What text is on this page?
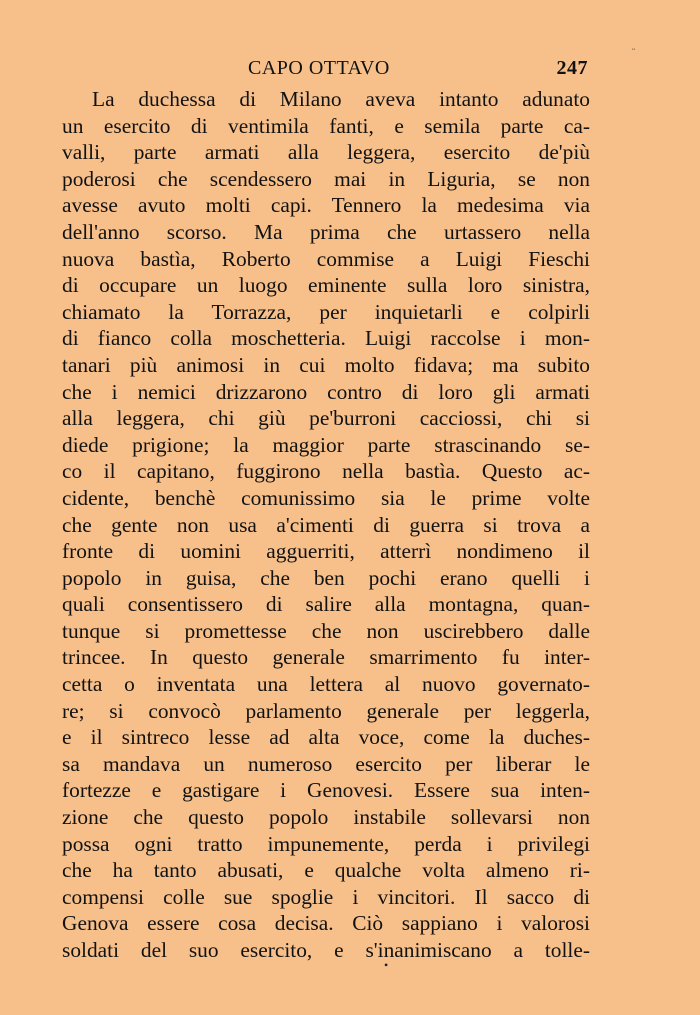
ᵕ
CAPO OTTAVO	247
La duchessa di Milano aveva intanto adunato
un esercito di ventimila fanti, e semila parte ca-
valli, parte armati alla leggera, esercito de'più
poderosi che scendessero mai in Liguria, se non
avesse avuto molti capi. Tennero la medesima via
dell'anno scorso. Ma prima che urtassero nella
nuova bastìa, Roberto commise a Luigi Fieschi
di occupare un luogo eminente sulla loro sinistra,
chiamato la Torrazza, per inquietarli e colpirli
di fianco colla moschetteria. Luigi raccolse i mon-
tanari più animosi in cui molto fidava; ma subito
che i nemici drizzarono contro di loro gli armati
alla leggera, chi giù pe'burroni cacciossi, chi si
diede prigione; la maggior parte strascinando se-
co il capitano, fuggirono nella bastìa. Questo ac-
cidente, benchè comunissimo sia le prime volte
che gente non usa a'cimenti di guerra si trova a
fronte di uomini agguerriti, atterrì nondimeno il
popolo in guisa, che ben pochi erano quelli i
quali consentissero di salire alla montagna, quan-
tunque si promettesse che non uscirebbero dalle
trincee. In questo generale smarrimento fu inter-
cetta o inventata una lettera al nuovo governato-
re; si convocò parlamento generale per leggerla,
e il sintreco lesse ad alta voce, come la duches-
sa mandava un numeroso esercito per liberar le
fortezze e gastigare i Genovesi. Essere sua inten-
zione che questo popolo instabile sollevarsi non
possa ogni tratto impunemente, perda i privilegi
che ha tanto abusati, e qualche volta almeno ri-
compensi colle sue spoglie i vincitori. Il sacco di
Genova essere cosa decisa. Ciò sappiano i valorosi
soldati del suo esercito, e s'inanimiscano a tolle-
•
